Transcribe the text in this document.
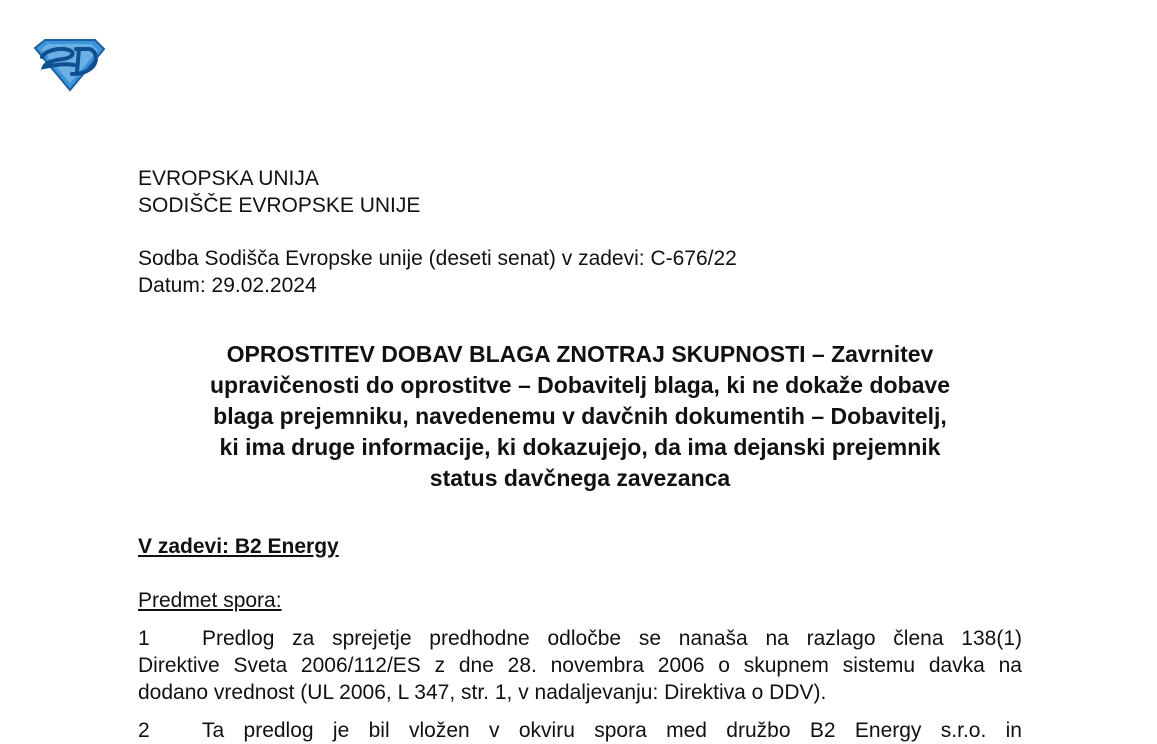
EVROPSKA UNIJA
SODIŠČE EVROPSKE UNIJE
Sodba Sodišča Evropske unije (deseti senat) v zadevi: C-676/22
Datum: 29.02.2024
OPROSTITEV DOBAV BLAGA ZNOTRAJ SKUPNOSTI – Zavrnitev
upravičenosti do oprostitve – Dobavitelj blaga, ki ne dokaže dobave
blaga prejemniku, navedenemu v davčnih dokumentih – Dobavitelj,
ki ima druge informacije, ki dokazujejo, da ima dejanski prejemnik
status davčnega zavezanca
V zadevi: B2 Energy
Predmet spora:
1	Predlog za sprejetje predhodne odločbe se nanaša na razlago člena 138(1)
Direktive Sveta 2006/112/ES z dne 28. novembra 2006 o skupnem sistemu davka na
dodano vrednost (UL 2006, L 347, str. 1, v nadaljevanju: Direktiva o DDV).
2	Ta predlog je bil vložen v okviru spora med družbo B2 Energy s.r.o. in
